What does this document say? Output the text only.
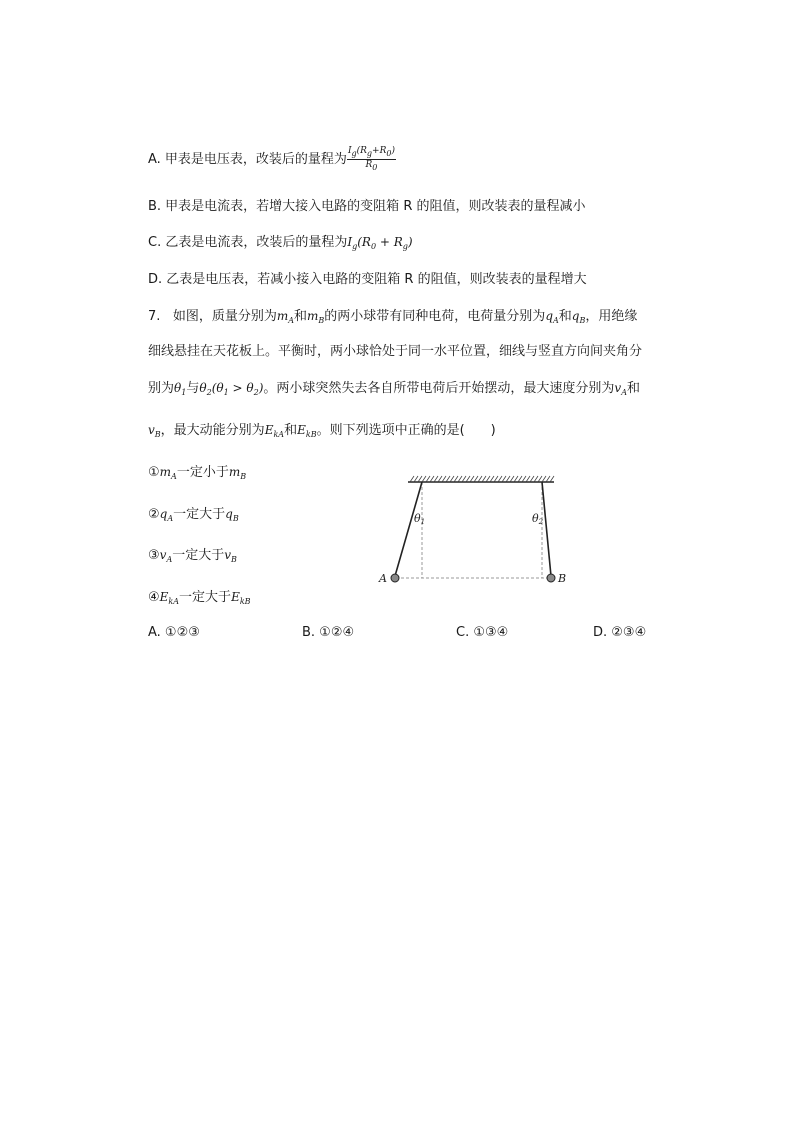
A. 甲表是电压表，改装后的量程为 $\frac{Ig(Rg+R0)}{R0}$
B. 甲表是电流表，若增大接入电路的变阻箱 R 的阻值，则改装表的量程减小
C. 乙表是电流表，改装后的量程为$I_g(R_0 + R_g)$
D. 乙表是电压表，若减小接入电路的变阻箱 R 的阻值，则改装表的量程增大
7. 如图，质量分别为$m_A$和$m_B$的两小球带有同种电荷，电荷量分别为$q_A$和$q_B$，用绝缘
细线悬挂在天花板上。平衡时，两小球恰处于同一水平位置，细线与竖直方向间夹角分
别为$\theta_1$与$\theta_2(\theta_1 > \theta_2)$。两小球突然失去各自所带电荷后开始摆动，最大速度分别为$v_A$和
$v_B$，最大动能分别为$E_{kA}$和$E_{kB}$。则下列选项中正确的是(　　)
$①m_A$一定小于$m_B$
$②q_A$一定大于$q_B$
$③v_A$一定大于$v_B$
$④E_{kA}$一定大于$E_{kB}$
A. ①②③	B. ①②④	C. ①③④	D. ②③④
θ1	θ2
A	B
